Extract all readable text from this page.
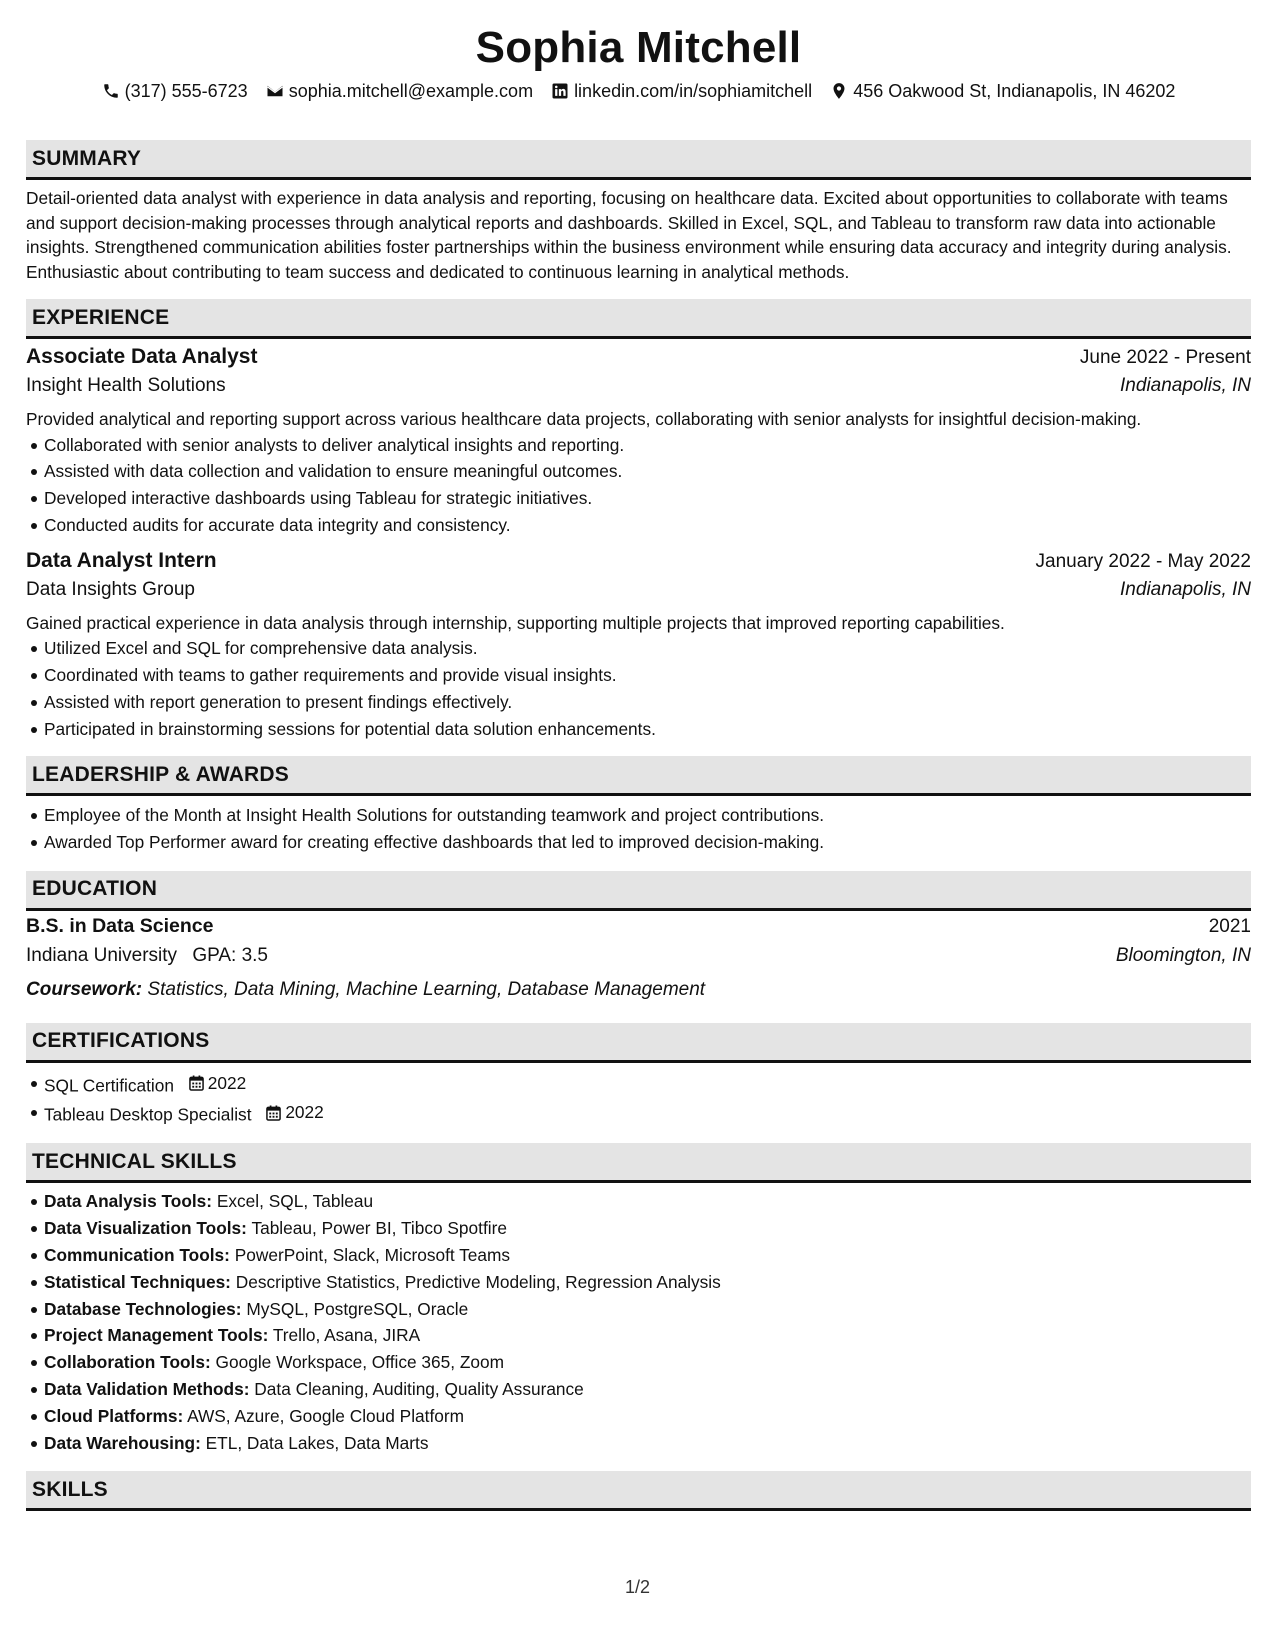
Sophia Mitchell
(317) 555-6723 sophia.mitchell@example.com linkedin.com/in/sophiamitchell 456 Oakwood St, Indianapolis, IN 46202
SUMMARY
Detail-oriented data analyst with experience in data analysis and reporting, focusing on healthcare data. Excited about opportunities to collaborate with teams and support decision-making processes through analytical reports and dashboards. Skilled in Excel, SQL, and Tableau to transform raw data into actionable insights. Strengthened communication abilities foster partnerships within the business environment while ensuring data accuracy and integrity during analysis. Enthusiastic about contributing to team success and dedicated to continuous learning in analytical methods.
EXPERIENCE
Associate Data Analyst	June 2022 - Present
Insight Health Solutions	Indianapolis, IN
Provided analytical and reporting support across various healthcare data projects, collaborating with senior analysts for insightful decision-making.
Collaborated with senior analysts to deliver analytical insights and reporting.
Assisted with data collection and validation to ensure meaningful outcomes.
Developed interactive dashboards using Tableau for strategic initiatives.
Conducted audits for accurate data integrity and consistency.
Data Analyst Intern	January 2022 - May 2022
Data Insights Group	Indianapolis, IN
Gained practical experience in data analysis through internship, supporting multiple projects that improved reporting capabilities.
Utilized Excel and SQL for comprehensive data analysis.
Coordinated with teams to gather requirements and provide visual insights.
Assisted with report generation to present findings effectively.
Participated in brainstorming sessions for potential data solution enhancements.
LEADERSHIP & AWARDS
Employee of the Month at Insight Health Solutions for outstanding teamwork and project contributions.
Awarded Top Performer award for creating effective dashboards that led to improved decision-making.
EDUCATION
B.S. in Data Science	2021
Indiana University GPA: 3.5	Bloomington, IN
Coursework: Statistics, Data Mining, Machine Learning, Database Management
CERTIFICATIONS
SQL Certification 2022
Tableau Desktop Specialist 2022
TECHNICAL SKILLS
Data Analysis Tools: Excel, SQL, Tableau
Data Visualization Tools: Tableau, Power BI, Tibco Spotfire
Communication Tools: PowerPoint, Slack, Microsoft Teams
Statistical Techniques: Descriptive Statistics, Predictive Modeling, Regression Analysis
Database Technologies: MySQL, PostgreSQL, Oracle
Project Management Tools: Trello, Asana, JIRA
Collaboration Tools: Google Workspace, Office 365, Zoom
Data Validation Methods: Data Cleaning, Auditing, Quality Assurance
Cloud Platforms: AWS, Azure, Google Cloud Platform
Data Warehousing: ETL, Data Lakes, Data Marts
SKILLS
1/2
